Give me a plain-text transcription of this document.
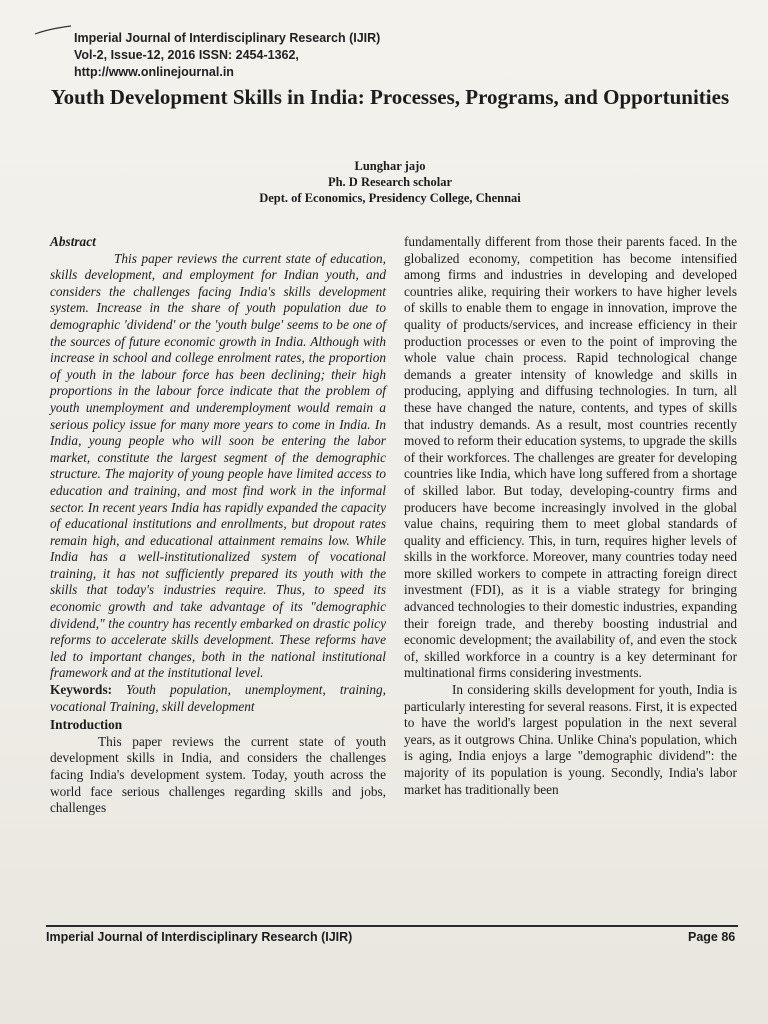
Imperial Journal of Interdisciplinary Research (IJIR)
Vol-2, Issue-12, 2016 ISSN: 2454-1362,
http://www.onlinejournal.in
Youth Development Skills in India: Processes, Programs, and Opportunities
Lunghar jajo
Ph. D Research scholar
Dept. of Economics, Presidency College, Chennai
Abstract

This paper reviews the current state of education, skills development, and employment for Indian youth, and considers the challenges facing India's skills development system. Increase in the share of youth population due to demographic 'dividend' or the 'youth bulge' seems to be one of the sources of future economic growth in India. Although with increase in school and college enrolment rates, the proportion of youth in the labour force has been declining; their high proportions in the labour force indicate that the problem of youth unemployment and underemployment would remain a serious policy issue for many more years to come in India. In India, young people who will soon be entering the labor market, constitute the largest segment of the demographic structure. The majority of young people have limited access to education and training, and most find work in the informal sector. In recent years India has rapidly expanded the capacity of educational institutions and enrollments, but dropout rates remain high, and educational attainment remains low. While India has a well-institutionalized system of vocational training, it has not sufficiently prepared its youth with the skills that today's industries require. Thus, to speed its economic growth and take advantage of its "demographic dividend," the country has recently embarked on drastic policy reforms to accelerate skills development. These reforms have led to important changes, both in the national institutional framework and at the institutional level.

Keywords: Youth population, unemployment, training, vocational Training, skill development

Introduction

This paper reviews the current state of youth development skills in India, and considers the challenges facing India's development system. Today, youth across the world face serious challenges regarding skills and jobs, challenges

fundamentally different from those their parents faced. In the globalized economy, competition has become intensified among firms and industries in developing and developed countries alike, requiring their workers to have higher levels of skills to enable them to engage in innovation, improve the quality of products/services, and increase efficiency in their production processes or even to the point of improving the whole value chain process. Rapid technological change demands a greater intensity of knowledge and skills in producing, applying and diffusing technologies. In turn, all these have changed the nature, contents, and types of skills that industry demands. As a result, most countries recently moved to reform their education systems, to upgrade the skills of their workforces. The challenges are greater for developing countries like India, which have long suffered from a shortage of skilled labor. But today, developing-country firms and producers have become increasingly involved in the global value chains, requiring them to meet global standards of quality and efficiency. This, in turn, requires higher levels of skills in the workforce. Moreover, many countries today need more skilled workers to compete in attracting foreign direct investment (FDI), as it is a viable strategy for bringing advanced technologies to their domestic industries, expanding their foreign trade, and thereby boosting industrial and economic development; the availability of, and even the stock of, skilled workforce in a country is a key determinant for multinational firms considering investments.

In considering skills development for youth, India is particularly interesting for several reasons. First, it is expected to have the world's largest population in the next several years, as it outgrows China. Unlike China's population, which is aging, India enjoys a large "demographic dividend": the majority of its population is young. Secondly, India's labor market has traditionally been

Imperial Journal of Interdisciplinary Research (IJIR)	Page 86
